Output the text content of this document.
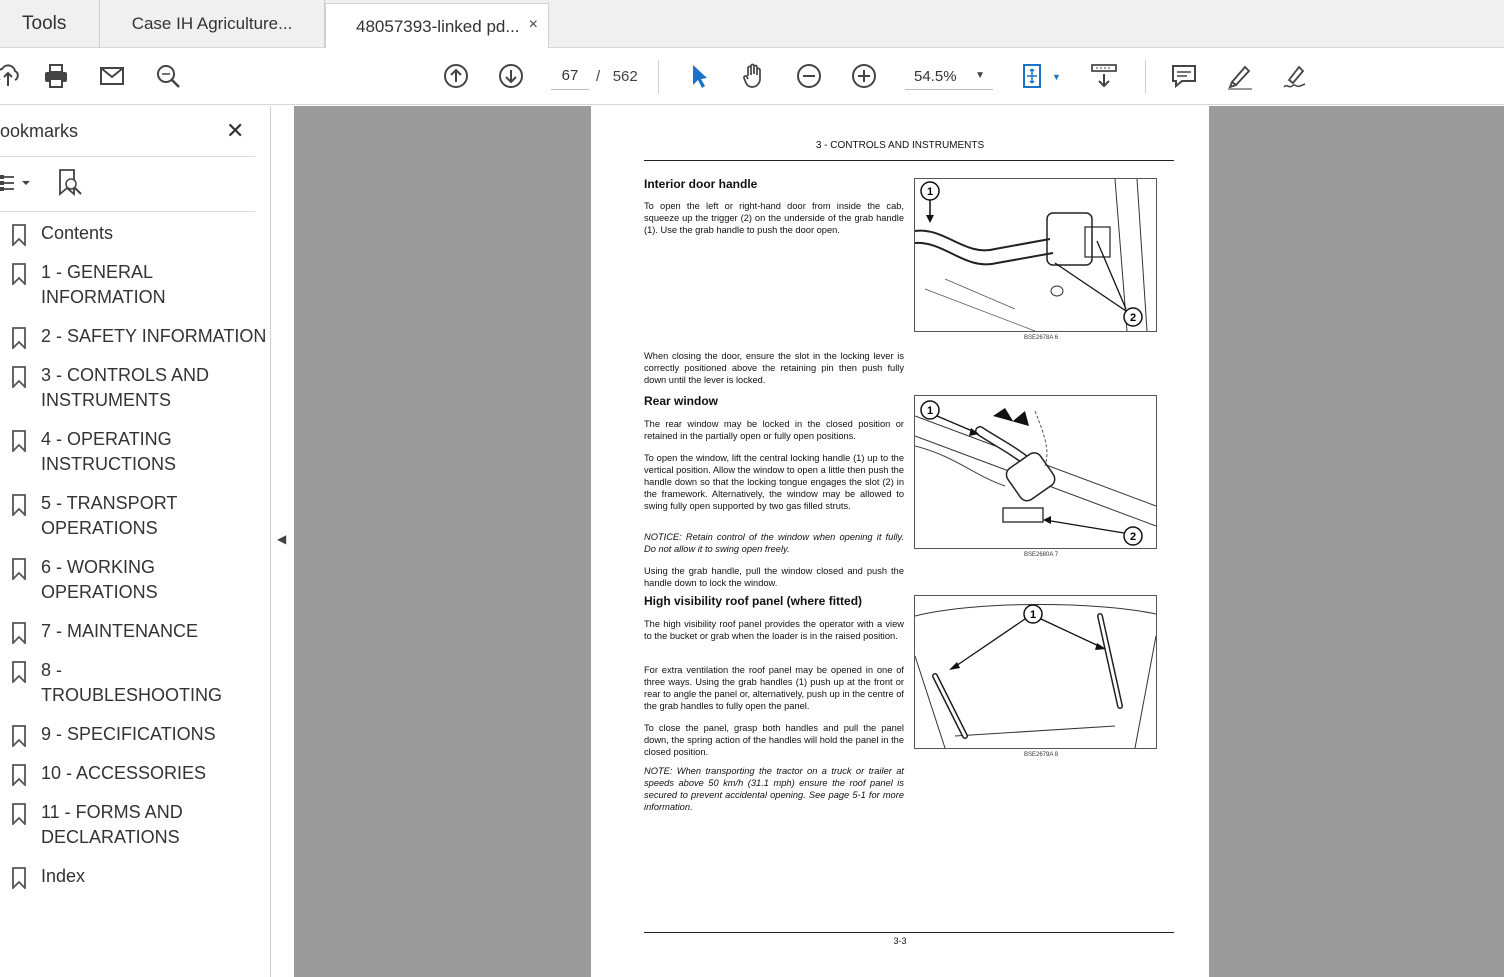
Tools	Case IH Agriculture...	48057393-linked pd... ×
67
/ 562	54.5% ▼	▼
ookmarks	✕
Contents
1 - GENERAL INFORMATION
2 - SAFETY INFORMATION
3 - CONTROLS AND INSTRUMENTS
4 - OPERATING INSTRUCTIONS
5 - TRANSPORT OPERATIONS
6 - WORKING OPERATIONS
7 - MAINTENANCE
8 - TROUBLESHOOTING
9 - SPECIFICATIONS
10 - ACCESSORIES
11 - FORMS AND DECLARATIONS
Index
◀
3 - CONTROLS AND INSTRUMENTS
Interior door handle
To open the left or right-hand door from inside the cab, squeeze up the trigger (2) on the underside of the grab handle (1). Use the grab handle to push the door open.
1
2
BSE2678A 6
When closing the door, ensure the slot in the locking lever is correctly positioned above the retaining pin then push fully down until the lever is locked.
Rear window
The rear window may be locked in the closed position or retained in the partially open or fully open positions.
To open the window, lift the central locking handle (1) up to the vertical position. Allow the window to open a little then push the handle down so that the locking tongue engages the slot (2) in the framework. Alternatively, the window may be allowed to swing fully open supported by two gas filled struts.
NOTICE: Retain control of the window when opening it fully. Do not allow it to swing open freely.
Using the grab handle, pull the window closed and push the handle down to lock the window.
1
2
BSE2680A 7
High visibility roof panel (where fitted)
The high visibility roof panel provides the operator with a view to the bucket or grab when the loader is in the raised position.
For extra ventilation the roof panel may be opened in one of three ways. Using the grab handles (1) push up at the front or rear to angle the panel or, alternatively, push up in the centre of the grab handles to fully open the panel.
To close the panel, grasp both handles and pull the panel down, the spring action of the handles will hold the panel in the closed position.
NOTE: When transporting the tractor on a truck or trailer at speeds above 50 km/h (31.1 mph) ensure the roof panel is secured to prevent accidental opening. See page 5-1 for more information.
1
BSE2679A 8
3-3
